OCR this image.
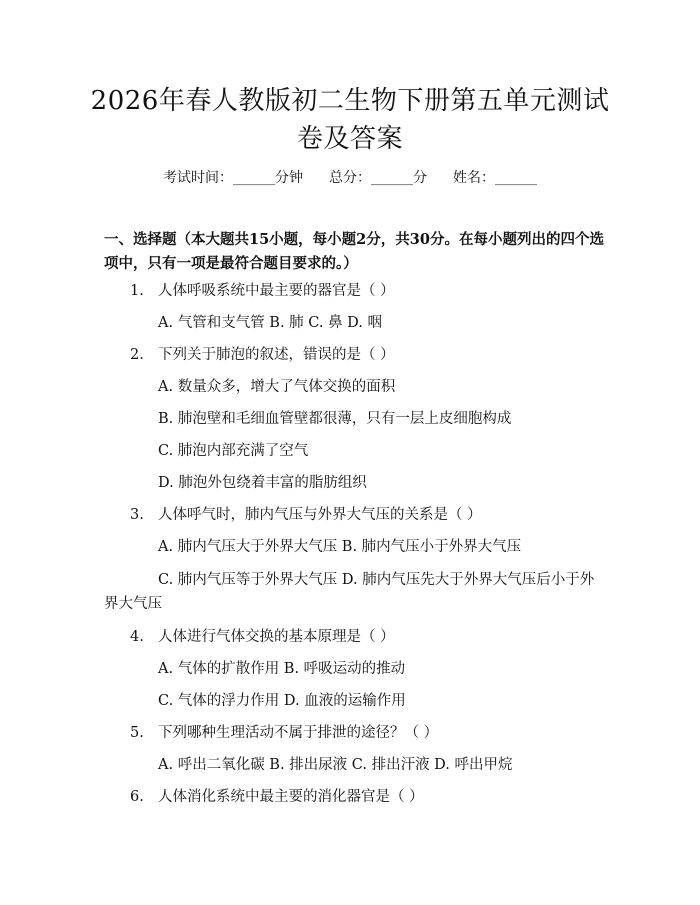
2026年春人教版初二生物下册第五单元测试卷及答案
考试时间：______分钟 总分：______分 姓名：______
一、选择题（本大题共15小题，每小题2分，共30分。在每小题列出的四个选项中，只有一项是最符合题目要求的。）
1. 人体呼吸系统中最主要的器官是（ ）
A. 气管和支气管 B. 肺 C. 鼻 D. 咽
2. 下列关于肺泡的叙述，错误的是（ ）
A. 数量众多，增大了气体交换的面积
B. 肺泡壁和毛细血管壁都很薄，只有一层上皮细胞构成
C. 肺泡内部充满了空气
D. 肺泡外包绕着丰富的脂肪组织
3. 人体呼气时，肺内气压与外界大气压的关系是（ ）
A. 肺内气压大于外界大气压 B. 肺内气压小于外界大气压
C. 肺内气压等于外界大气压 D. 肺内气压先大于外界大气压后小于外界大气压
4. 人体进行气体交换的基本原理是（ ）
A. 气体的扩散作用 B. 呼吸运动的推动
C. 气体的浮力作用 D. 血液的运输作用
5. 下列哪种生理活动不属于排泄的途径？（ ）
A. 呼出二氧化碳 B. 排出尿液 C. 排出汗液 D. 呼出甲烷
6. 人体消化系统中最主要的消化器官是（ ）
